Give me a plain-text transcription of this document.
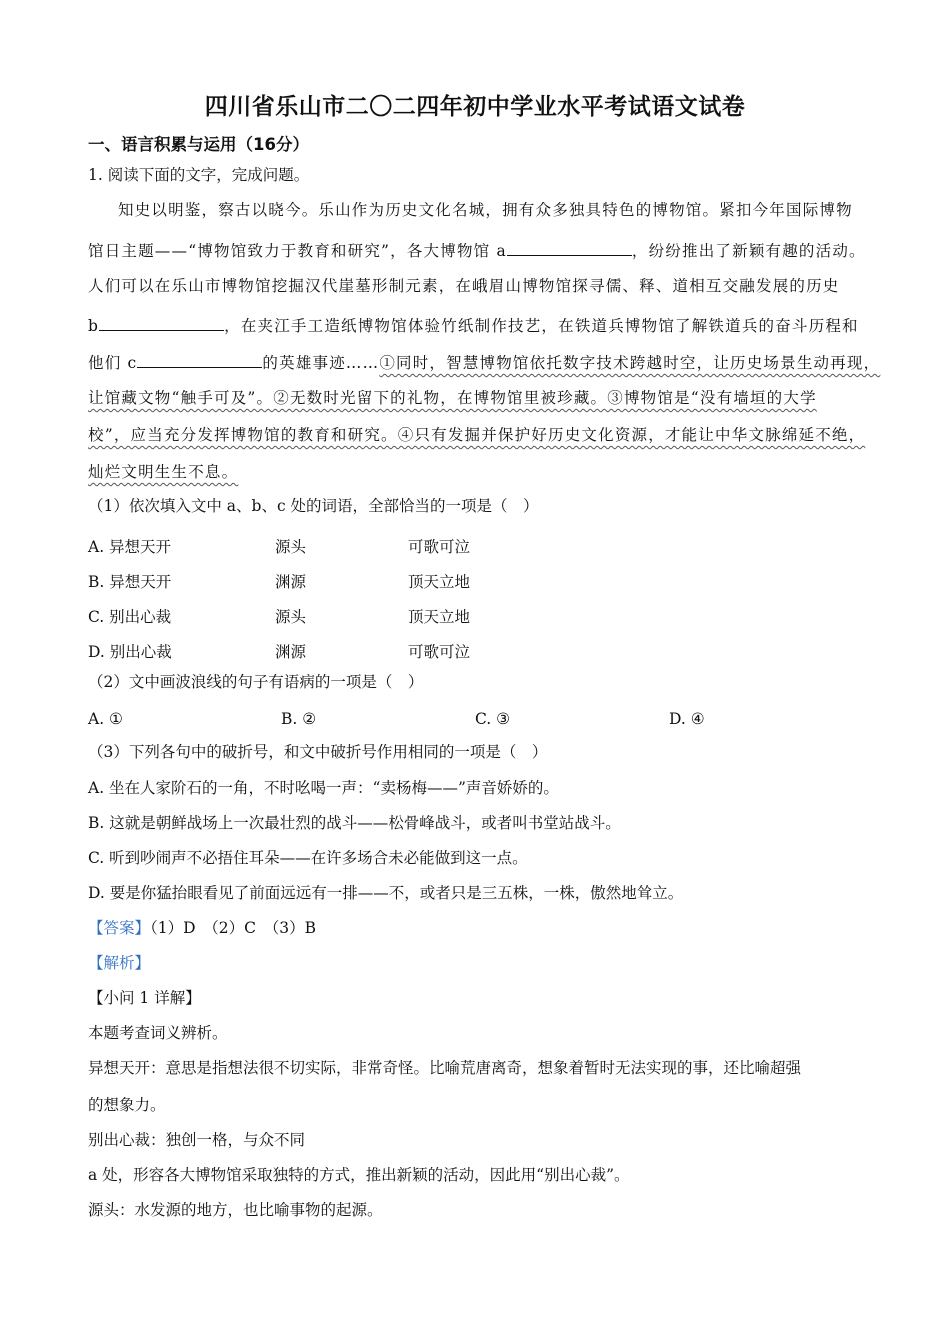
四川省乐山市二〇二四年初中学业水平考试语文试卷
一、语言积累与运用（16分）
1. 阅读下面的文字，完成问题。
知史以明鉴，察古以晓今。乐山作为历史文化名城，拥有众多独具特色的博物馆。紧扣今年国际博物
馆日主题——“博物馆致力于教育和研究”，各大博物馆 a	，纷纷推出了新颖有趣的活动。
人们可以在乐山市博物馆挖掘汉代崖墓形制元素，在峨眉山博物馆探寻儒、释、道相互交融发展的历史
b	，在夹江手工造纸博物馆体验竹纸制作技艺，在铁道兵博物馆了解铁道兵的奋斗历程和
他们 c	的英雄事迹……①同时，智慧博物馆依托数字技术跨越时空，让历史场景生动再现，
让馆藏文物“触手可及”。②无数时光留下的礼物，在博物馆里被珍藏。③博物馆是“没有墙垣的大学
校”，应当充分发挥博物馆的教育和研究。④只有发掘并保护好历史文化资源，才能让中华文脉绵延不绝，
灿烂文明生生不息。
（1）依次填入文中 a、b、c 处的词语，全部恰当的一项是（　）
A. 异想天开	源头	可歌可泣
B. 异想天开	渊源	顶天立地
C. 别出心裁	源头	顶天立地
D. 别出心裁	渊源	可歌可泣
（2）文中画波浪线的句子有语病的一项是（　）
A. ①	B. ②	C. ③	D. ④
（3）下列各句中的破折号，和文中破折号作用相同的一项是（　）
A. 坐在人家阶石的一角，不时吆喝一声：“卖杨梅——”声音娇娇的。
B. 这就是朝鲜战场上一次最壮烈的战斗——松骨峰战斗，或者叫书堂站战斗。
C. 听到吵闹声不必捂住耳朵——在许多场合未必能做到这一点。
D. 要是你猛抬眼看见了前面远远有一排——不，或者只是三五株，一株，傲然地耸立。
【答案】（1）D　（2）C　（3）B
【解析】
【小问 1 详解】
本题考查词义辨析。
异想天开：意思是指想法很不切实际，非常奇怪。比喻荒唐离奇，想象着暂时无法实现的事，还比喻超强
的想象力。
别出心裁：独创一格，与众不同
a 处，形容各大博物馆采取独特的方式，推出新颖的活动，因此用“别出心裁”。
源头：水发源的地方，也比喻事物的起源。
